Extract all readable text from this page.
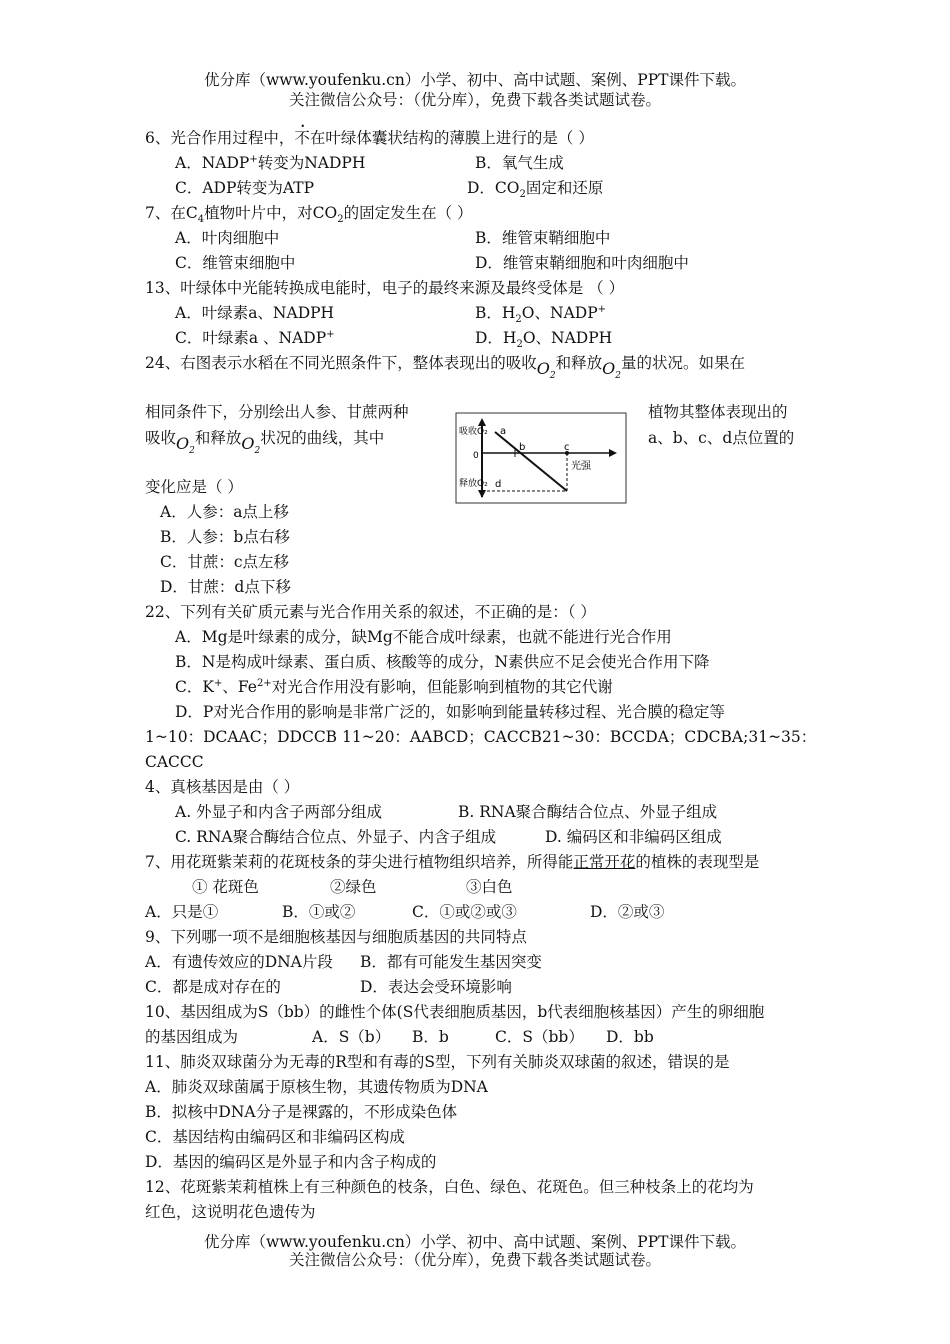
优分库（www.youfenku.cn）小学、初中、高中试题、案例、PPT课件下载。
关注微信公众号：（优分库），免费下载各类试题试卷。
6、光合作用过程中，不在叶绿体囊状结构的薄膜上进行的是（ ）
A．NADP+转变为NADPH	B．氧气生成
C．ADP转变为ATP	D．$CO_2$固定和还原
7、在$C_4$植物叶片中，对$CO_2$的固定发生在（ ）
A．叶肉细胞中	B．维管束鞘细胞中
C．维管束细胞中	D．维管束鞘细胞和叶肉细胞中
13、叶绿体中光能转换成电能时，电子的最终来源及最终受体是 （ ）
A．叶绿素a、NADPH	B．$H_2O$、NADP+
C．叶绿素a 、NADP+	D．$H_2O$、NADPH
24、右图表示水稻在不同光照条件下，整体表现出的吸收$O_2$和释放$O_2$量的状况。如果在
相同条件下，分别绘出人参、甘蔗两种	植物其整体表现出的
吸收$O_2$和释放$O_2$状况的曲线，其中	a、b、c、d点位置的
变化应是（ ）
A．人参：a点上移
B．人参：b点右移
C．甘蔗：c点左移
D．甘蔗：d点下移
吸收O₂
释放O₂
0
a
b	c
d
光强
22、下列有关矿质元素与光合作用关系的叙述，不正确的是：（ ）
A．Mg是叶绿素的成分，缺Mg不能合成叶绿素，也就不能进行光合作用
B．N是构成叶绿素、蛋白质、核酸等的成分，N素供应不足会使光合作用下降
C．K+、$Fe^{2+}$对光合作用没有影响，但能影响到植物的其它代谢
D．P对光合作用的影响是非常广泛的，如影响到能量转移过程、光合膜的稳定等
1~10：DCAAC；DDCCB 11~20：AABCD；CACCB21~30：BCCDA；CDCBA;31~35：
CACCC
4、真核基因是由（ ）
A. 外显子和内含子两部分组成	B. RNA聚合酶结合位点、外显子组成
C. RNA聚合酶结合位点、外显子、内含子组成	D. 编码区和非编码区组成
7、用花斑紫茉莉的花斑枝条的芽尖进行植物组织培养，所得能正常开花的植株的表现型是
① 花斑色	②绿色	③白色
A．只是①	B．①或②	C．①或②或③	D．②或③
9、下列哪一项不是细胞核基因与细胞质基因的共同特点
A．有遗传效应的DNA片段 B．都有可能发生基因突变
C．都是成对存在的	D．表达会受环境影响
10、基因组成为S（bb）的雌性个体(S代表细胞质基因，b代表细胞核基因）产生的卵细胞
的基因组成为	A．S（b） B．b	C．S（bb） D．bb
11、肺炎双球菌分为无毒的R型和有毒的S型，下列有关肺炎双球菌的叙述，错误的是
A．肺炎双球菌属于原核生物，其遗传物质为DNA
B．拟核中DNA分子是裸露的，不形成染色体
C．基因结构由编码区和非编码区构成
D．基因的编码区是外显子和内含子构成的
12、花斑紫茉莉植株上有三种颜色的枝条，白色、绿色、花斑色。但三种枝条上的花均为
红色，这说明花色遗传为
优分库（www.youfenku.cn）小学、初中、高中试题、案例、PPT课件下载。
关注微信公众号：（优分库），免费下载各类试题试卷。
